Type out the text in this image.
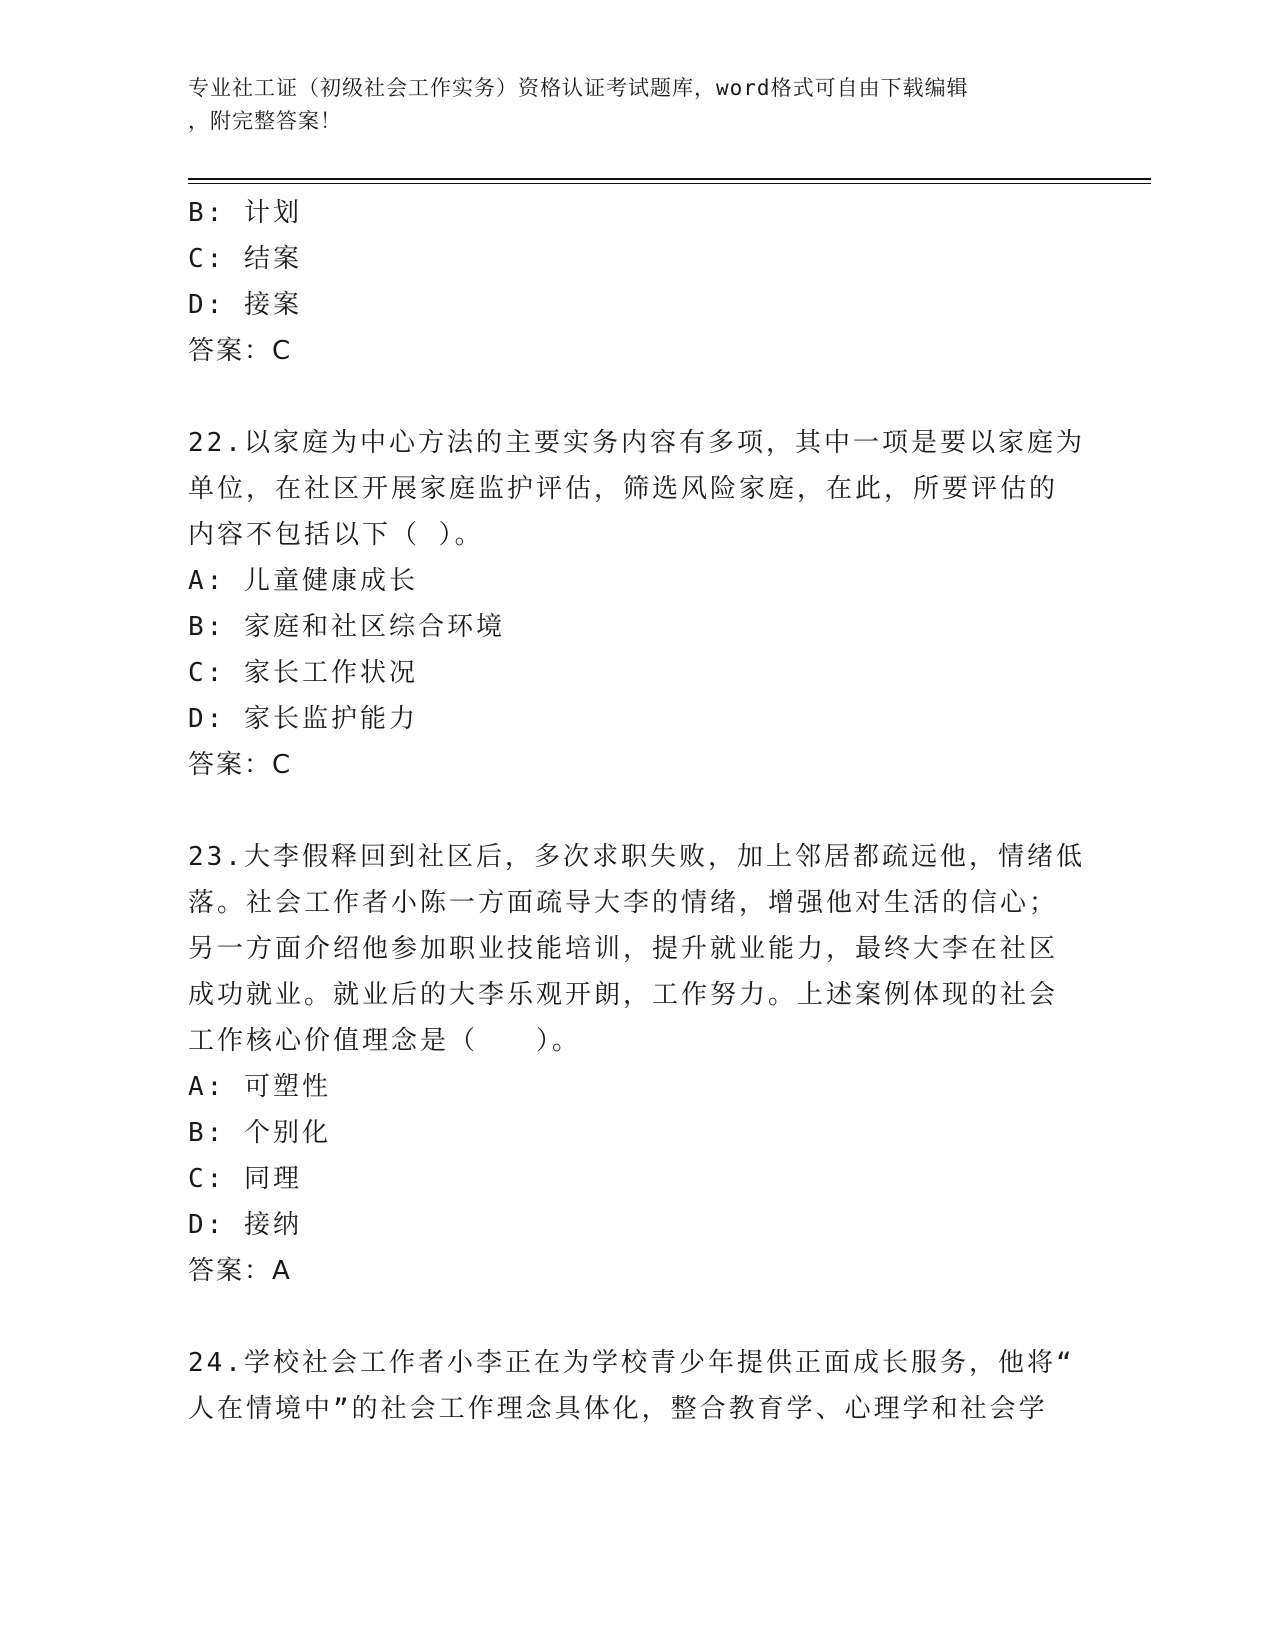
专业社工证（初级社会工作实务）资格认证考试题库，word格式可自由下载编辑
，附完整答案！
B: 计划
C: 结案
D: 接案
答案：C
22.以家庭为中心方法的主要实务内容有多项，其中一项是要以家庭为
单位，在社区开展家庭监护评估，筛选风险家庭，在此，所要评估的
内容不包括以下（ ）。
A: 儿童健康成长
B: 家庭和社区综合环境
C: 家长工作状况
D: 家长监护能力
答案：C
23.大李假释回到社区后，多次求职失败，加上邻居都疏远他，情绪低
落。社会工作者小陈一方面疏导大李的情绪，增强他对生活的信心；
另一方面介绍他参加职业技能培训，提升就业能力，最终大李在社区
成功就业。就业后的大李乐观开朗，工作努力。上述案例体现的社会
工作核心价值理念是（　　）。
A: 可塑性
B: 个别化
C: 同理
D: 接纳
答案：A
24.学校社会工作者小李正在为学校青少年提供正面成长服务，他将“
人在情境中”的社会工作理念具体化，整合教育学、心理学和社会学
